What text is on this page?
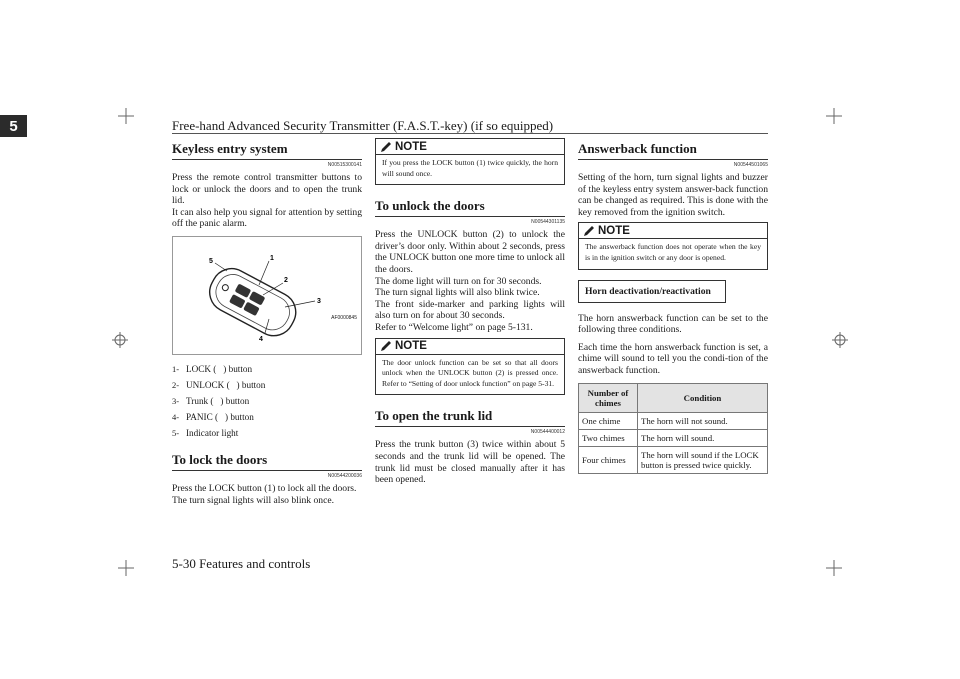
5	Free-hand Advanced Security Transmitter (F.A.S.T.-key) (if so equipped)
Keyless entry system
N00515300141

Press the remote control transmitter buttons to lock or unlock the doors and to open the trunk lid.

It can also help you signal for attention by setting off the panic alarm.

5	1
2
3
4
AF0000845
1- LOCK (   ) button
2- UNLOCK (   ) button
3- Trunk (   ) button
4- PANIC (   ) button
5- Indicator light
To lock the doors
N00544200036

Press the LOCK button (1) to lock all the doors.

The turn signal lights will also blink once.

NOTE
If you press the LOCK button (1) twice quickly, the horn will sound once.
To unlock the doors
N00544301135

Press the UNLOCK button (2) to unlock the driver’s door only. Within about 2 seconds, press the UNLOCK button one more time to unlock all the doors.

The dome light will turn on for 30 seconds.

The turn signal lights will also blink twice.

The front side-marker and parking lights will also turn on for about 30 seconds.

Refer to “Welcome light” on page 5-131.

NOTE
The door unlock function can be set so that all doors unlock when the UNLOCK button (2) is pressed once. Refer to “Setting of door unlock function” on page 5-31.
To open the trunk lid
N00544400012

Press the trunk button (3) twice within about 5 seconds and the trunk lid will be opened. The trunk lid must be closed manually after it has been opened.

Answerback function
N00544501065

Setting of the horn, turn signal lights and buzzer of the keyless entry system answer-back function can be changed as required. This is done with the key removed from the ignition switch.

NOTE
The answerback function does not operate when the key is in the ignition switch or any door is opened.
Horn deactivation/reactivation

The horn answerback function can be set to the following three conditions.

Each time the horn answerback function is set, a chime will sound to tell you the condi-tion of the answerback function.

Number of chimes	Condition
One chime	The horn will not sound.
Two chimes	The horn will sound.
Four chimes	The horn will sound if the LOCK button is pressed twice quickly.
5-30 Features and controls
